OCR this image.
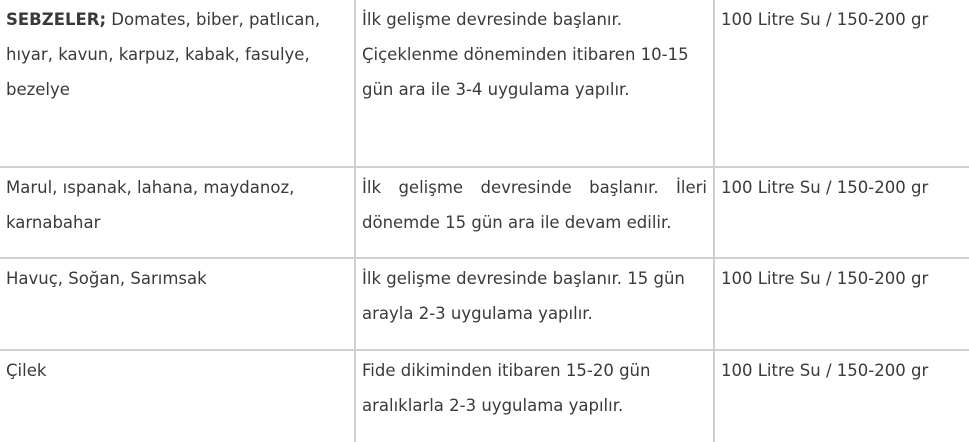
SEBZELER; Domates, biber, patlıcan, hıyar, kavun, karpuz, kabak, fasulye, bezelye	İlk gelişme devresinde başlanır. Çiçeklenme döneminden itibaren 10-15 gün ara ile 3-4 uygulama yapılır.	100 Litre Su / 150-200 gr
Marul, ıspanak, lahana, maydanoz, karnabahar	İlk gelişme devresinde başlanır. İleri dönemde 15 gün ara ile devam edilir.	100 Litre Su / 150-200 gr
Havuç, Soğan, Sarımsak	İlk gelişme devresinde başlanır. 15 gün arayla 2-3 uygulama yapılır.	100 Litre Su / 150-200 gr
Çilek	Fide dikiminden itibaren 15-20 gün aralıklarla 2-3 uygulama yapılır.	100 Litre Su / 150-200 gr
